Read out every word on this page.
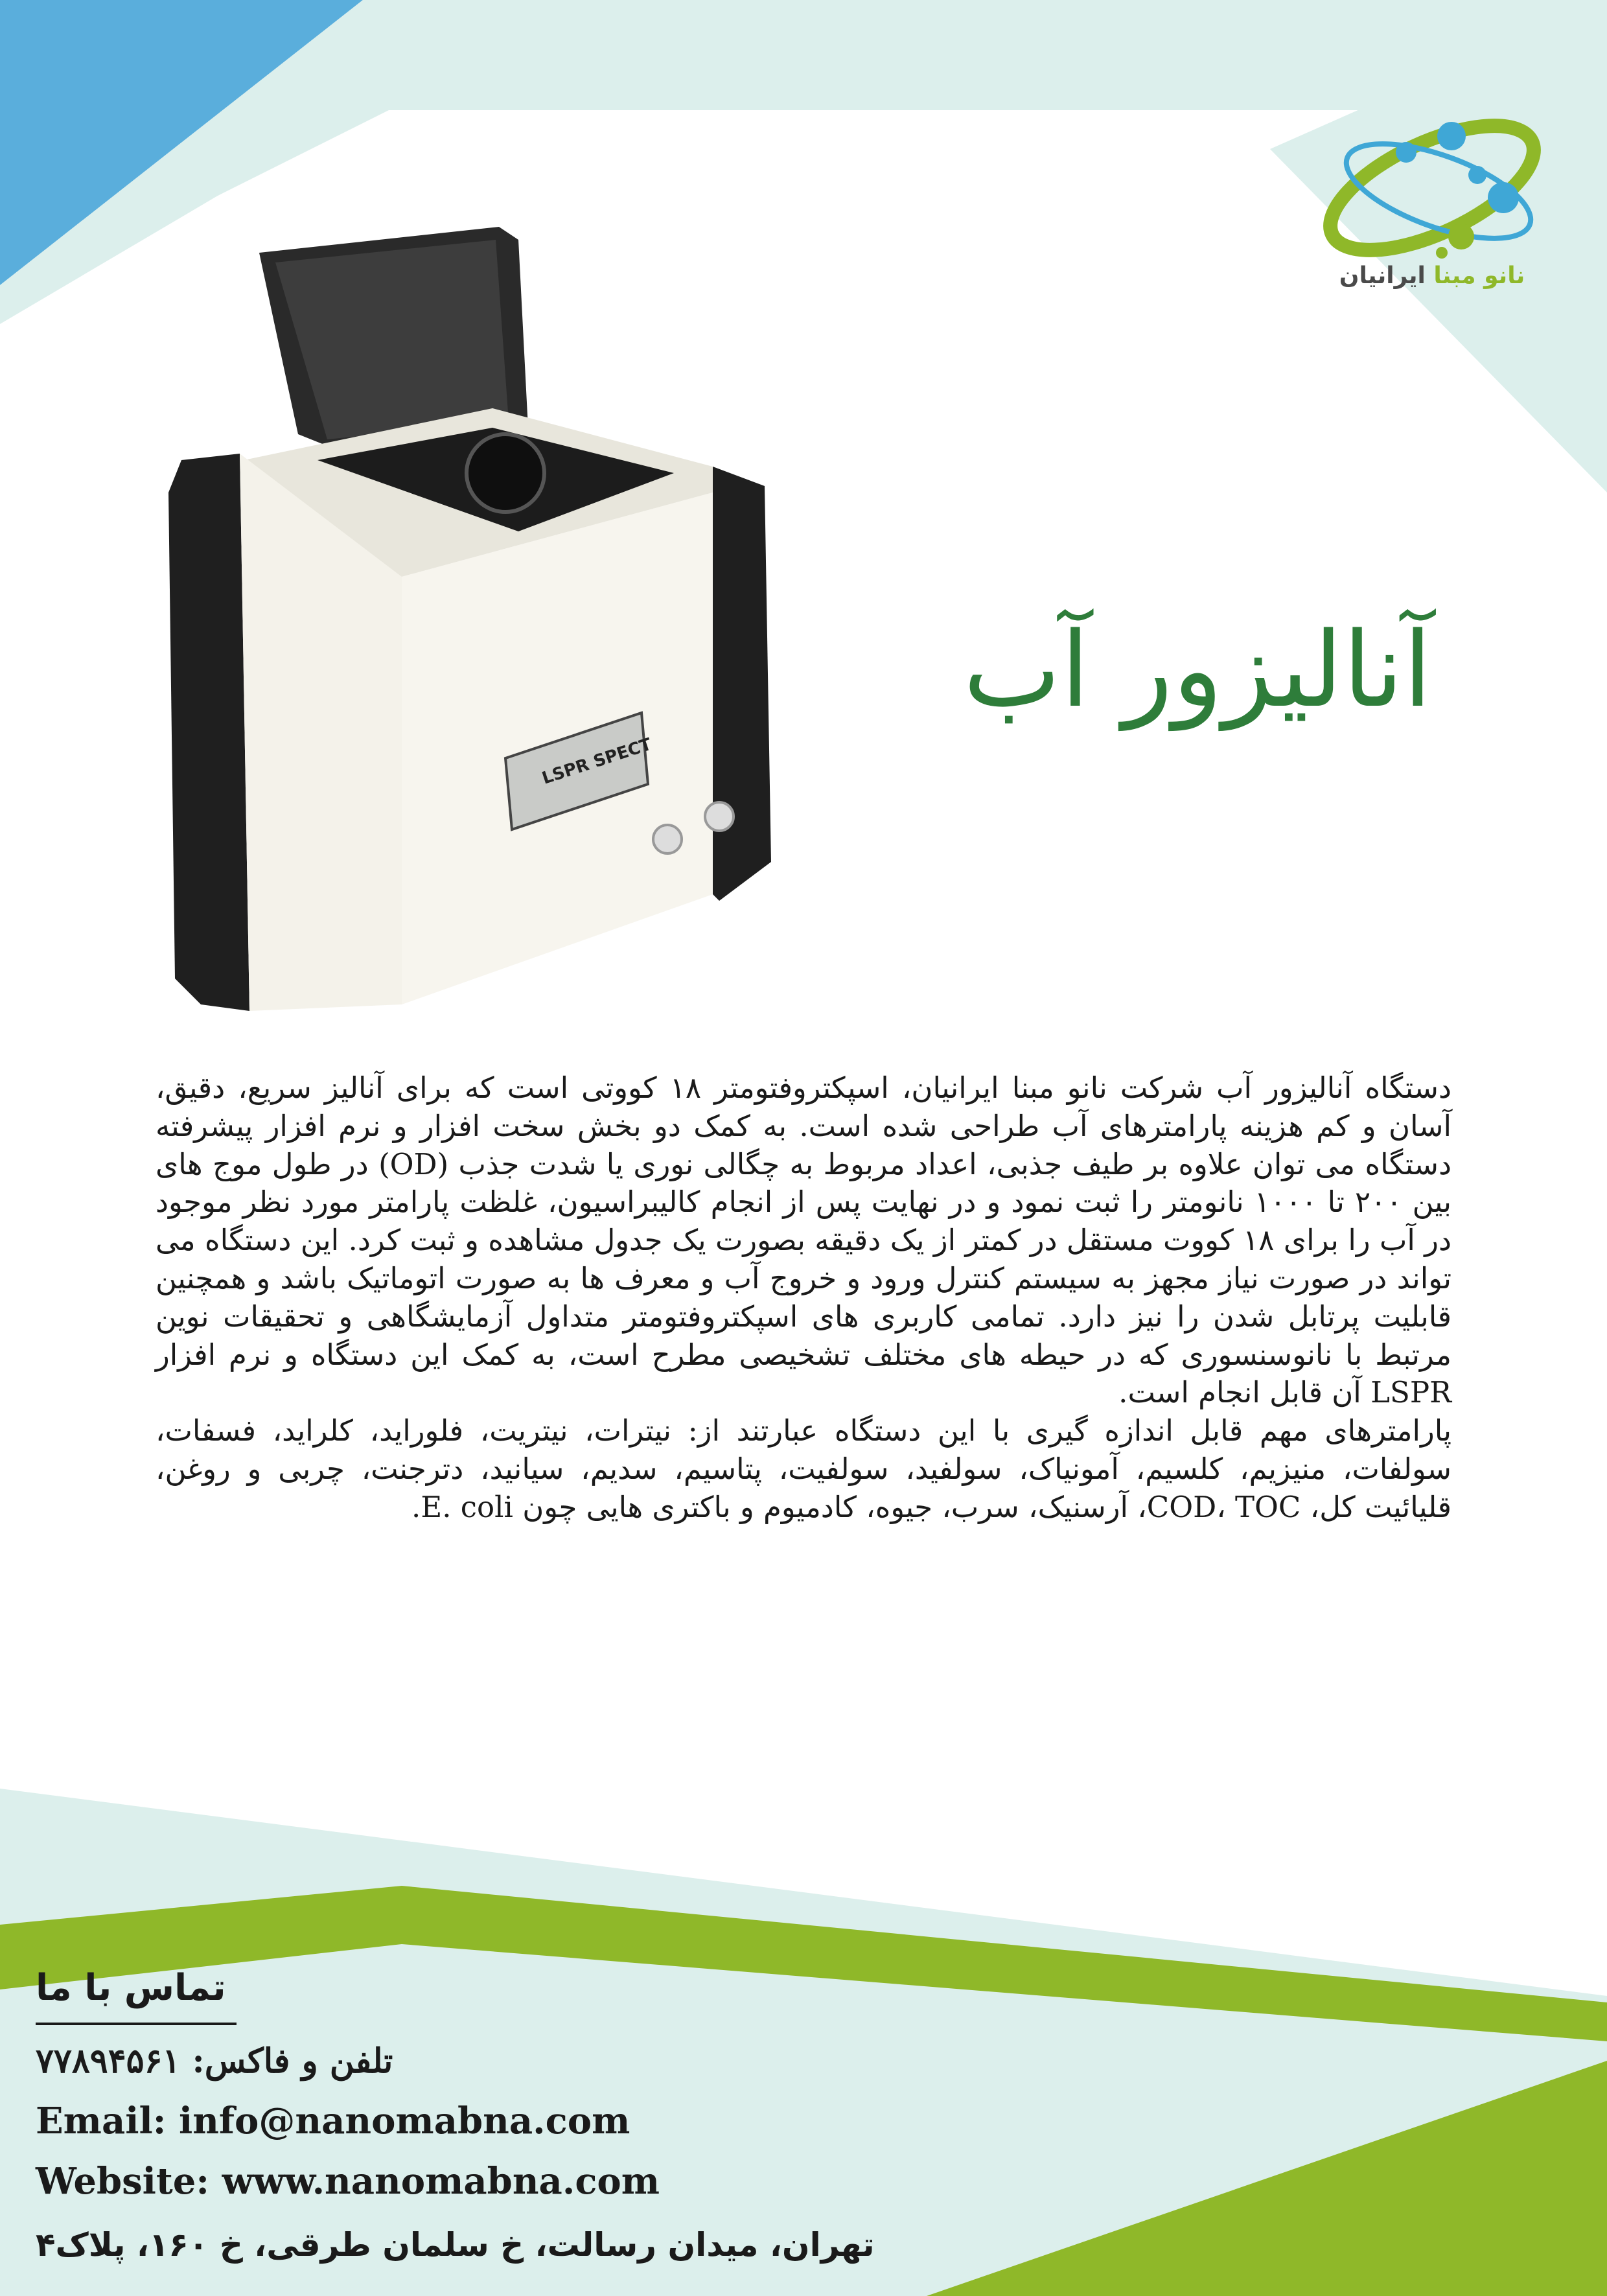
نانو مبنا ایرانیان
LSPR SPECT
آنالیزور آب

دستگاه آنالیزور آب شرکت نانو مبنا ایرانیان، اسپکتروفتومتر ۱۸ کووتی است که برای آنالیز سریع، دقیق، آسان و کم هزینه پارامترهای آب طراحی شده است. به کمک دو بخش سخت افزار و نرم افزار پیشرفته دستگاه می توان علاوه بر طیف جذبی، اعداد مربوط به چگالی نوری یا شدت جذب (OD) در طول موج های بین ۲۰۰ تا ۱۰۰۰ نانومتر را ثبت نمود و در نهایت پس از انجام کالیبراسیون، غلظت پارامتر مورد نظر موجود در آب را برای ۱۸ کووت مستقل در کمتر از یک دقیقه بصورت یک جدول مشاهده و ثبت کرد. این دستگاه می تواند در صورت نیاز مجهز به سیستم کنترل ورود و خروج آب و معرف ها به صورت اتوماتیک باشد و همچنین قابلیت پرتابل شدن را نیز دارد. تمامی کاربری های اسپکتروفتومتر متداول آزمایشگاهی و تحقیقات نوین مرتبط با نانوسنسوری که در حیطه های مختلف تشخیصی مطرح است، به کمک این دستگاه و نرم افزار LSPR آن قابل انجام است.

پارامترهای مهم قابل اندازه گیری با این دستگاه عبارتند از: نیترات، نیتریت، فلوراید، کلراید، فسفات، سولفات، منیزیم، کلسیم، آمونیاک، سولفید، سولفیت، پتاسیم، سدیم، سیانید، دترجنت، چربی و روغن، قلیائیت کل، COD، TOC، آرسنیک، سرب، جیوه، کادمیوم و باکتری هایی چون E. coli.

تماس با ما
تلفن و فاکس: ۷۷۸۹۴۵۶۱
Email: info@nanomabna.com
Website: www.nanomabna.com
تهران، میدان رسالت، خ سلمان طرقی، خ ۱۶۰، پلاک۴
